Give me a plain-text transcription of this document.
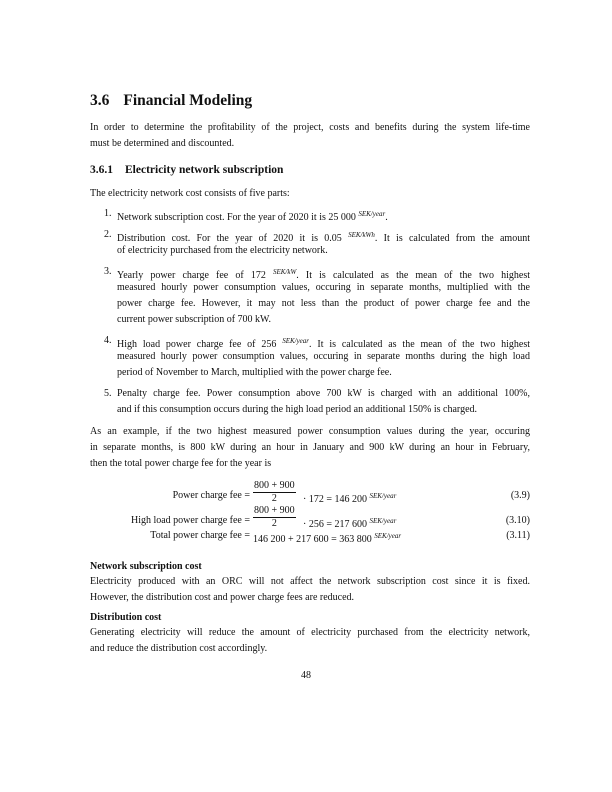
3.6 Financial Modeling
In order to determine the profitability of the project, costs and benefits during the system life-time
must be determined and discounted.
3.6.1 Electricity network subscription
The electricity network cost consists of five parts:
1. Network subscription cost. For the year of 2020 it is 25 000 $^{SEK/year}$.
2. Distribution cost. For the year of 2020 it is 0.05 $^{SEK/kWh}$. It is calculated from the amount
of electricity purchased from the electricity network.
3. Yearly power charge fee of 172 $^{SEK/kW}$. It is calculated as the mean of the two highest
measured hourly power consumption values, occuring in separate months, multiplied with the
power charge fee. However, it may not less than the product of power charge fee and the
current power subscription of 700 kW.
4. High load power charge fee of 256 $^{SEK/year}$. It is calculated as the mean of the two highest
measured hourly power consumption values, occuring in separate months during the high load
period of November to March, multiplied with the power charge fee.
5. Penalty charge fee. Power consumption above 700 kW is charged with an additional 100%,
and if this consumption occurs during the high load period an additional 150% is charged.
As an example, if the two highest measured power consumption values during the year, occuring
in separate months, is 800 kW during an hour in January and 900 kW during an hour in February,
then the total power charge fee for the year is
Power charge fee = $\frac{800 + 900}{2} \cdot 172 = 146$ 200 $^{SEK/year}$	(3.9)
High load power charge fee = $\frac{800 + 900}{2} \cdot 256 = 217$ 600 $^{SEK/year}$	(3.10)
Total power charge fee = 146 200 + 217 600 = 363 800 $^{SEK/year}$	(3.11)
Network subscription cost
Electricity produced with an ORC will not affect the network subscription cost since it is fixed.
However, the distribution cost and power charge fees are reduced.
Distribution cost
Generating electricity will reduce the amount of electricity purchased from the electricity network,
and reduce the distribution cost accordingly.
48
